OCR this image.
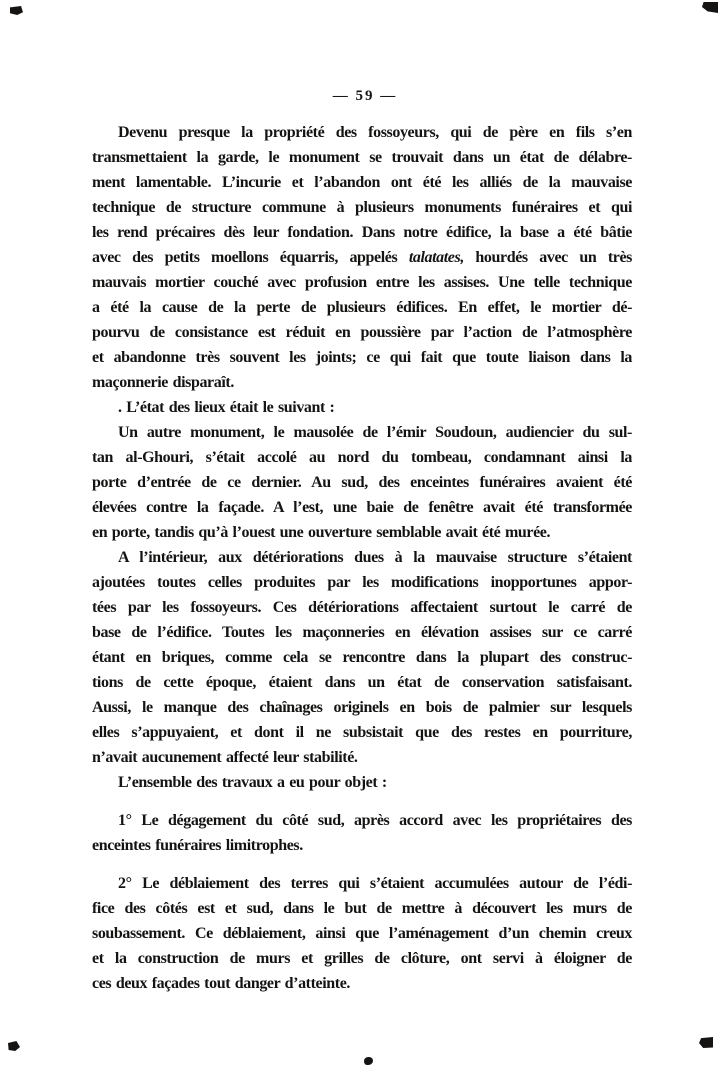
— 59 —
Devenu presque la propriété des fossoyeurs, qui de père en fils s’en
transmettaient la garde, le monument se trouvait dans un état de délabre-
ment lamentable. L’incurie et l’abandon ont été les alliés de la mauvaise
technique de structure commune à plusieurs monuments funéraires et qui
les rend précaires dès leur fondation. Dans notre édifice, la base a été bâtie
avec des petits moellons équarris, appelés talatates, hourdés avec un très
mauvais mortier couché avec profusion entre les assises. Une telle technique
a été la cause de la perte de plusieurs édifices. En effet, le mortier dé-
pourvu de consistance est réduit en poussière par l’action de l’atmosphère
et abandonne très souvent les joints; ce qui fait que toute liaison dans la
maçonnerie disparaît.
. L’état des lieux était le suivant :
Un autre monument, le mausolée de l’émir Soudoun, audiencier du sul-
tan al-Ghouri, s’était accolé au nord du tombeau, condamnant ainsi la
porte d’entrée de ce dernier. Au sud, des enceintes funéraires avaient été
élevées contre la façade. A l’est, une baie de fenêtre avait été transformée
en porte, tandis qu’à l’ouest une ouverture semblable avait été murée.
A l’intérieur, aux détériorations dues à la mauvaise structure s’étaient
ajoutées toutes celles produites par les modifications inopportunes appor-
tées par les fossoyeurs. Ces détériorations affectaient surtout le carré de
base de l’édifice. Toutes les maçonneries en élévation assises sur ce carré
étant en briques, comme cela se rencontre dans la plupart des construc-
tions de cette époque, étaient dans un état de conservation satisfaisant.
Aussi, le manque des chaînages originels en bois de palmier sur lesquels
elles s’appuyaient, et dont il ne subsistait que des restes en pourriture,
n’avait aucunement affecté leur stabilité.
L’ensemble des travaux a eu pour objet :
1° Le dégagement du côté sud, après accord avec les propriétaires des
enceintes funéraires limitrophes.
2° Le déblaiement des terres qui s’étaient accumulées autour de l’édi-
fice des côtés est et sud, dans le but de mettre à découvert les murs de
soubassement. Ce déblaiement, ainsi que l’aménagement d’un chemin creux
et la construction de murs et grilles de clôture, ont servi à éloigner de
ces deux façades tout danger d’atteinte.
